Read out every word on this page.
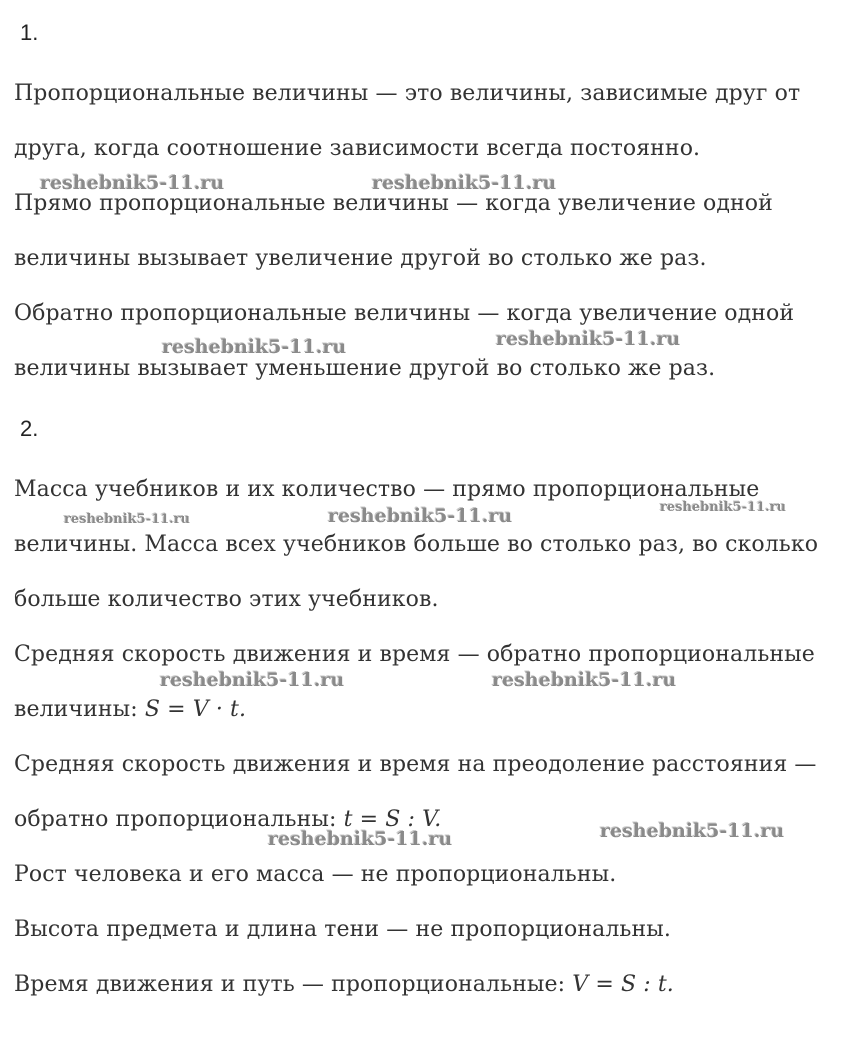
1.
Пропорциональные величины — это величины, зависимые друг от
друга, когда соотношение зависимости всегда постоянно.
Прямо пропорциональные величины — когда увеличение одной
величины вызывает увеличение другой во столько же раз.
Обратно пропорциональные величины — когда увеличение одной
величины вызывает уменьшение другой во столько же раз.
2.
Масса учебников и их количество — прямо пропорциональные
величины. Масса всех учебников больше во столько раз, во сколько
больше количество этих учебников.
Средняя скорость движения и время — обратно пропорциональные
величины: S = V · t.
Средняя скорость движения и время на преодоление расстояния —
обратно пропорциональны: t = S : V.
Рост человека и его масса — не пропорциональны.
Высота предмета и длина тени — не пропорциональны.
Время движения и путь — пропорциональные: V = S : t.
reshebnik5-11.ru	reshebnik5-11.ru
reshebnik5-11.ru	reshebnik5-11.ru
reshebnik5-11.ru	reshebnik5-11.ru	reshebnik5-11.ru
reshebnik5-11.ru	reshebnik5-11.ru
reshebnik5-11.ru	reshebnik5-11.ru
